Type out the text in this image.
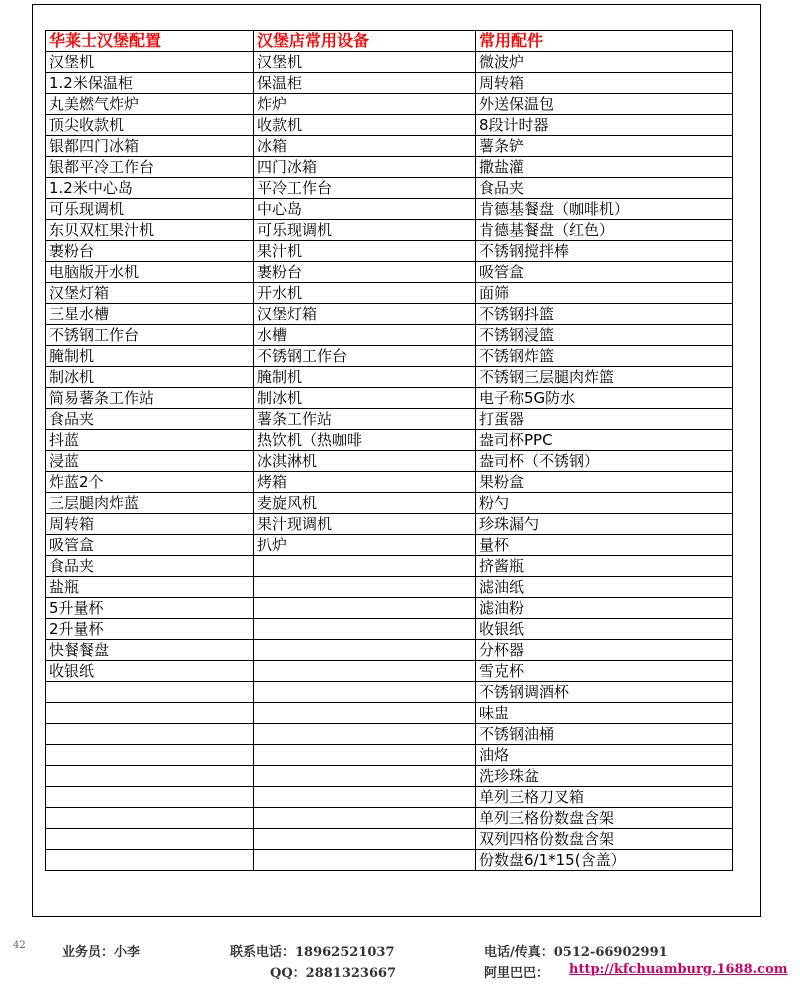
华莱士汉堡配置	汉堡店常用设备	常用配件
汉堡机	汉堡机	微波炉
1.2米保温柜	保温柜	周转箱
丸美燃气炸炉	炸炉	外送保温包
顶尖收款机	收款机	8段计时器
银都四门冰箱	冰箱	薯条铲
银都平冷工作台	四门冰箱	撒盐灌
1.2米中心岛	平冷工作台	食品夹
可乐现调机	中心岛	肯德基餐盘（咖啡机）
东贝双杠果汁机	可乐现调机	肯德基餐盘（红色）
裹粉台	果汁机	不锈钢搅拌棒
电脑版开水机	裹粉台	吸管盒
汉堡灯箱	开水机	面筛
三星水槽	汉堡灯箱	不锈钢抖篮
不锈钢工作台	水槽	不锈钢浸篮
腌制机	不锈钢工作台	不锈钢炸篮
制冰机	腌制机	不锈钢三层腿肉炸篮
简易薯条工作站	制冰机	电子称5G防水
食品夹	薯条工作站	打蛋器
抖蓝	热饮机（热咖啡	盎司杯PPC
浸蓝	冰淇淋机	盎司杯（不锈钢）
炸蓝2个	烤箱	果粉盒
三层腿肉炸蓝	麦旋风机	粉勺
周转箱	果汁现调机	珍珠漏勺
吸管盒	扒炉	量杯
食品夹		挤酱瓶
盐瓶		滤油纸
5升量杯		滤油粉
2升量杯		收银纸
快餐餐盘		分杯器
收银纸		雪克杯
		不锈钢调酒杯
		味盅
		不锈钢油桶
		油烙
		洗珍珠盆
		单列三格刀叉箱
		单列三格份数盘含架
		双列四格份数盘含架
		份数盘6/1*15(含盖）
42	业务员：小李	联系电话：18962521037	电话/传真：0512-66902991
QQ：2881323667	阿里巴巴： http://kfchuamburg.1688.com
